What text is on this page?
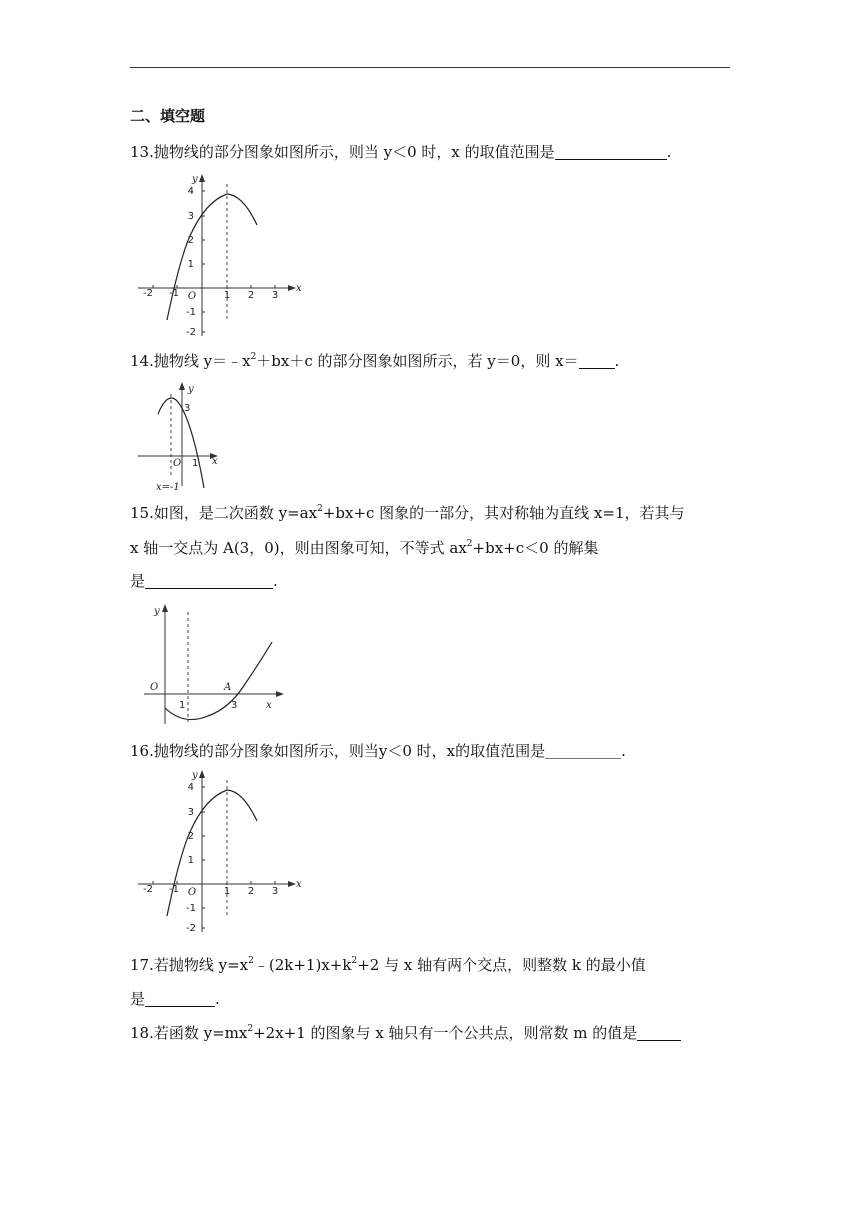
二、填空题
13.抛物线的部分图象如图所示，则当 y＜0 时，x 的取值范围是	.
-2 -1	1 2 3
4
3
2
1
-1
-2
O
x
y
14.抛物线 $y=﹣x^2+bx+c$ 的部分图象如图所示，若 y＝0，则 x＝ .
y
3
O 1 x
x=-1
15.如图，是二次函数 $y=ax^2+bx+c$ 图象的一部分，其对称轴为直线 x=1，若其与
x 轴一交点为 A(3，0)，则由图象可知，不等式 $ax^2+bx+c<0$ 的解集
是	.
y
O	A
1	3	x
16.抛物线的部分图象如图所示，则当y＜0 时，x的取值范围是	.
-2 -1	1 2 3
4
3
2
1
-1
-2
O
x
y
17.若抛物线 $y=x^2﹣(2k+1)x+k^2+2$ 与 x 轴有两个交点，则整数 k 的最小值
是	.
18.若函数 $y=mx^2+2x+1$ 的图象与 x 轴只有一个公共点，则常数 m 的值是
